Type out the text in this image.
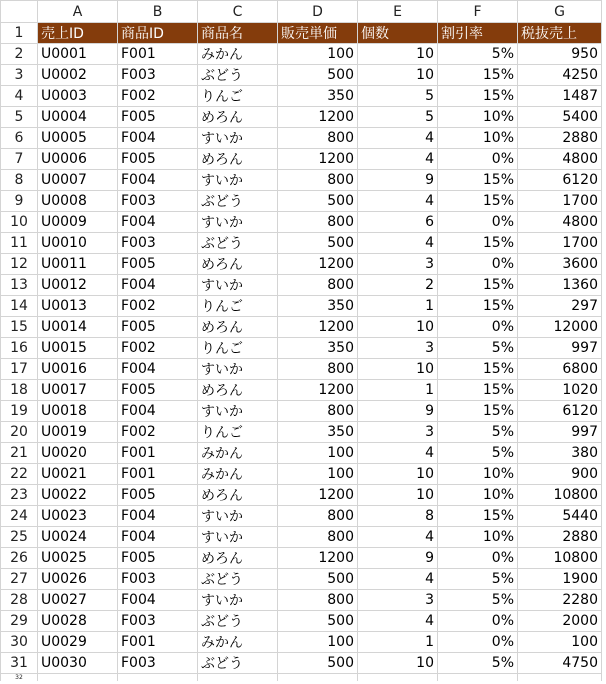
	A	B	C	D	E	F	G
1	売上ID	商品ID	商品名	販売単価	個数	割引率	税抜売上
2	U0001	F001	みかん	100	10	5%	950
3	U0002	F003	ぶどう	500	10	15%	4250
4	U0003	F002	りんご	350	5	15%	1487
5	U0004	F005	めろん	1200	5	10%	5400
6	U0005	F004	すいか	800	4	10%	2880
7	U0006	F005	めろん	1200	4	0%	4800
8	U0007	F004	すいか	800	9	15%	6120
9	U0008	F003	ぶどう	500	4	15%	1700
10	U0009	F004	すいか	800	6	0%	4800
11	U0010	F003	ぶどう	500	4	15%	1700
12	U0011	F005	めろん	1200	3	0%	3600
13	U0012	F004	すいか	800	2	15%	1360
14	U0013	F002	りんご	350	1	15%	297
15	U0014	F005	めろん	1200	10	0%	12000
16	U0015	F002	りんご	350	3	5%	997
17	U0016	F004	すいか	800	10	15%	6800
18	U0017	F005	めろん	1200	1	15%	1020
19	U0018	F004	すいか	800	9	15%	6120
20	U0019	F002	りんご	350	3	5%	997
21	U0020	F001	みかん	100	4	5%	380
22	U0021	F001	みかん	100	10	10%	900
23	U0022	F005	めろん	1200	10	10%	10800
24	U0023	F004	すいか	800	8	15%	5440
25	U0024	F004	すいか	800	4	10%	2880
26	U0025	F005	めろん	1200	9	0%	10800
27	U0026	F003	ぶどう	500	4	5%	1900
28	U0027	F004	すいか	800	3	5%	2280
29	U0028	F003	ぶどう	500	4	0%	2000
30	U0029	F001	みかん	100	1	0%	100
31	U0030	F003	ぶどう	500	10	5%	4750
32							
